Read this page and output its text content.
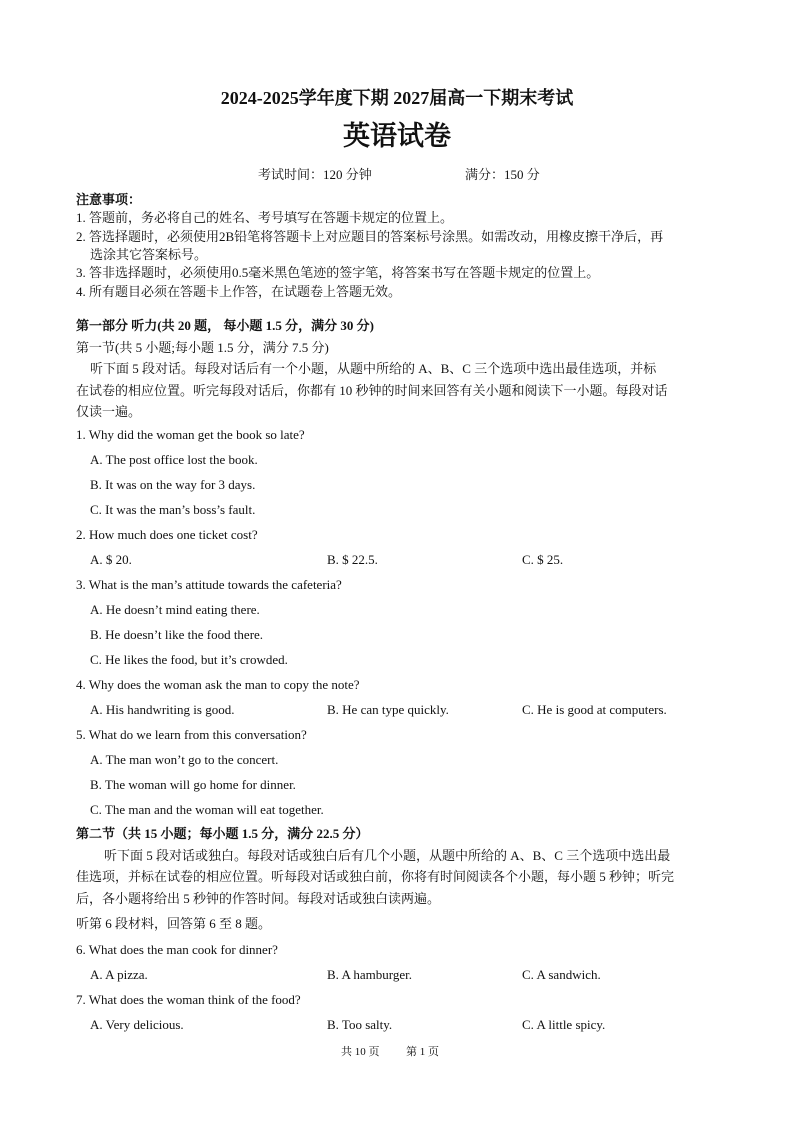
2024-2025学年度下期 2027届高一下期末考试
英语试卷
考试时间：120 分钟	满分：150 分
注意事项：
1. 答题前，务必将自己的姓名、考号填写在答题卡规定的位置上。
2. 答选择题时，必须使用2B铅笔将答题卡上对应题目的答案标号涂黑。如需改动，用橡皮擦干净后，再
选涂其它答案标号。
3. 答非选择题时，必须使用0.5毫米黑色笔迹的签字笔，将答案书写在答题卡规定的位置上。
4. 所有题目必须在答题卡上作答，在试题卷上答题无效。
第一部分 听力(共 20 题， 每小题 1.5 分，满分 30 分)
第一节(共 5 小题;每小题 1.5 分，满分 7.5 分)
听下面 5 段对话。每段对话后有一个小题，从题中所给的 A、B、C 三个选项中选出最佳选项，并标
在试卷的相应位置。听完每段对话后，你都有 10 秒钟的时间来回答有关小题和阅读下一小题。每段对话
仅读一遍。
1. Why did the woman get the book so late?
A. The post office lost the book.
B. It was on the way for 3 days.
C. It was the man’s boss’s fault.
2. How much does one ticket cost?
A. $ 20.	B. $ 22.5.	C. $ 25.
3. What is the man’s attitude towards the cafeteria?
A. He doesn’t mind eating there.
B. He doesn’t like the food there.
C. He likes the food, but it’s crowded.
4. Why does the woman ask the man to copy the note?
A. His handwriting is good.	B. He can type quickly.	C. He is good at computers.
5. What do we learn from this conversation?
A. The man won’t go to the concert.
B. The woman will go home for dinner.
C. The man and the woman will eat together.
第二节（共 15 小题；每小题 1.5 分，满分 22.5 分）
听下面 5 段对话或独白。每段对话或独白后有几个小题，从题中所给的 A、B、C 三个选项中选出最
佳选项，并标在试卷的相应位置。听每段对话或独白前，你将有时间阅读各个小题，每小题 5 秒钟；听完
后，各小题将给出 5 秒钟的作答时间。每段对话或独白读两遍。
听第 6 段材料，回答第 6 至 8 题。
6. What does the man cook for dinner?
A. A pizza.	B. A hamburger.	C. A sandwich.
7. What does the woman think of the food?
A. Very delicious.	B. Too salty.	C. A little spicy.
共 10 页 第 1 页
